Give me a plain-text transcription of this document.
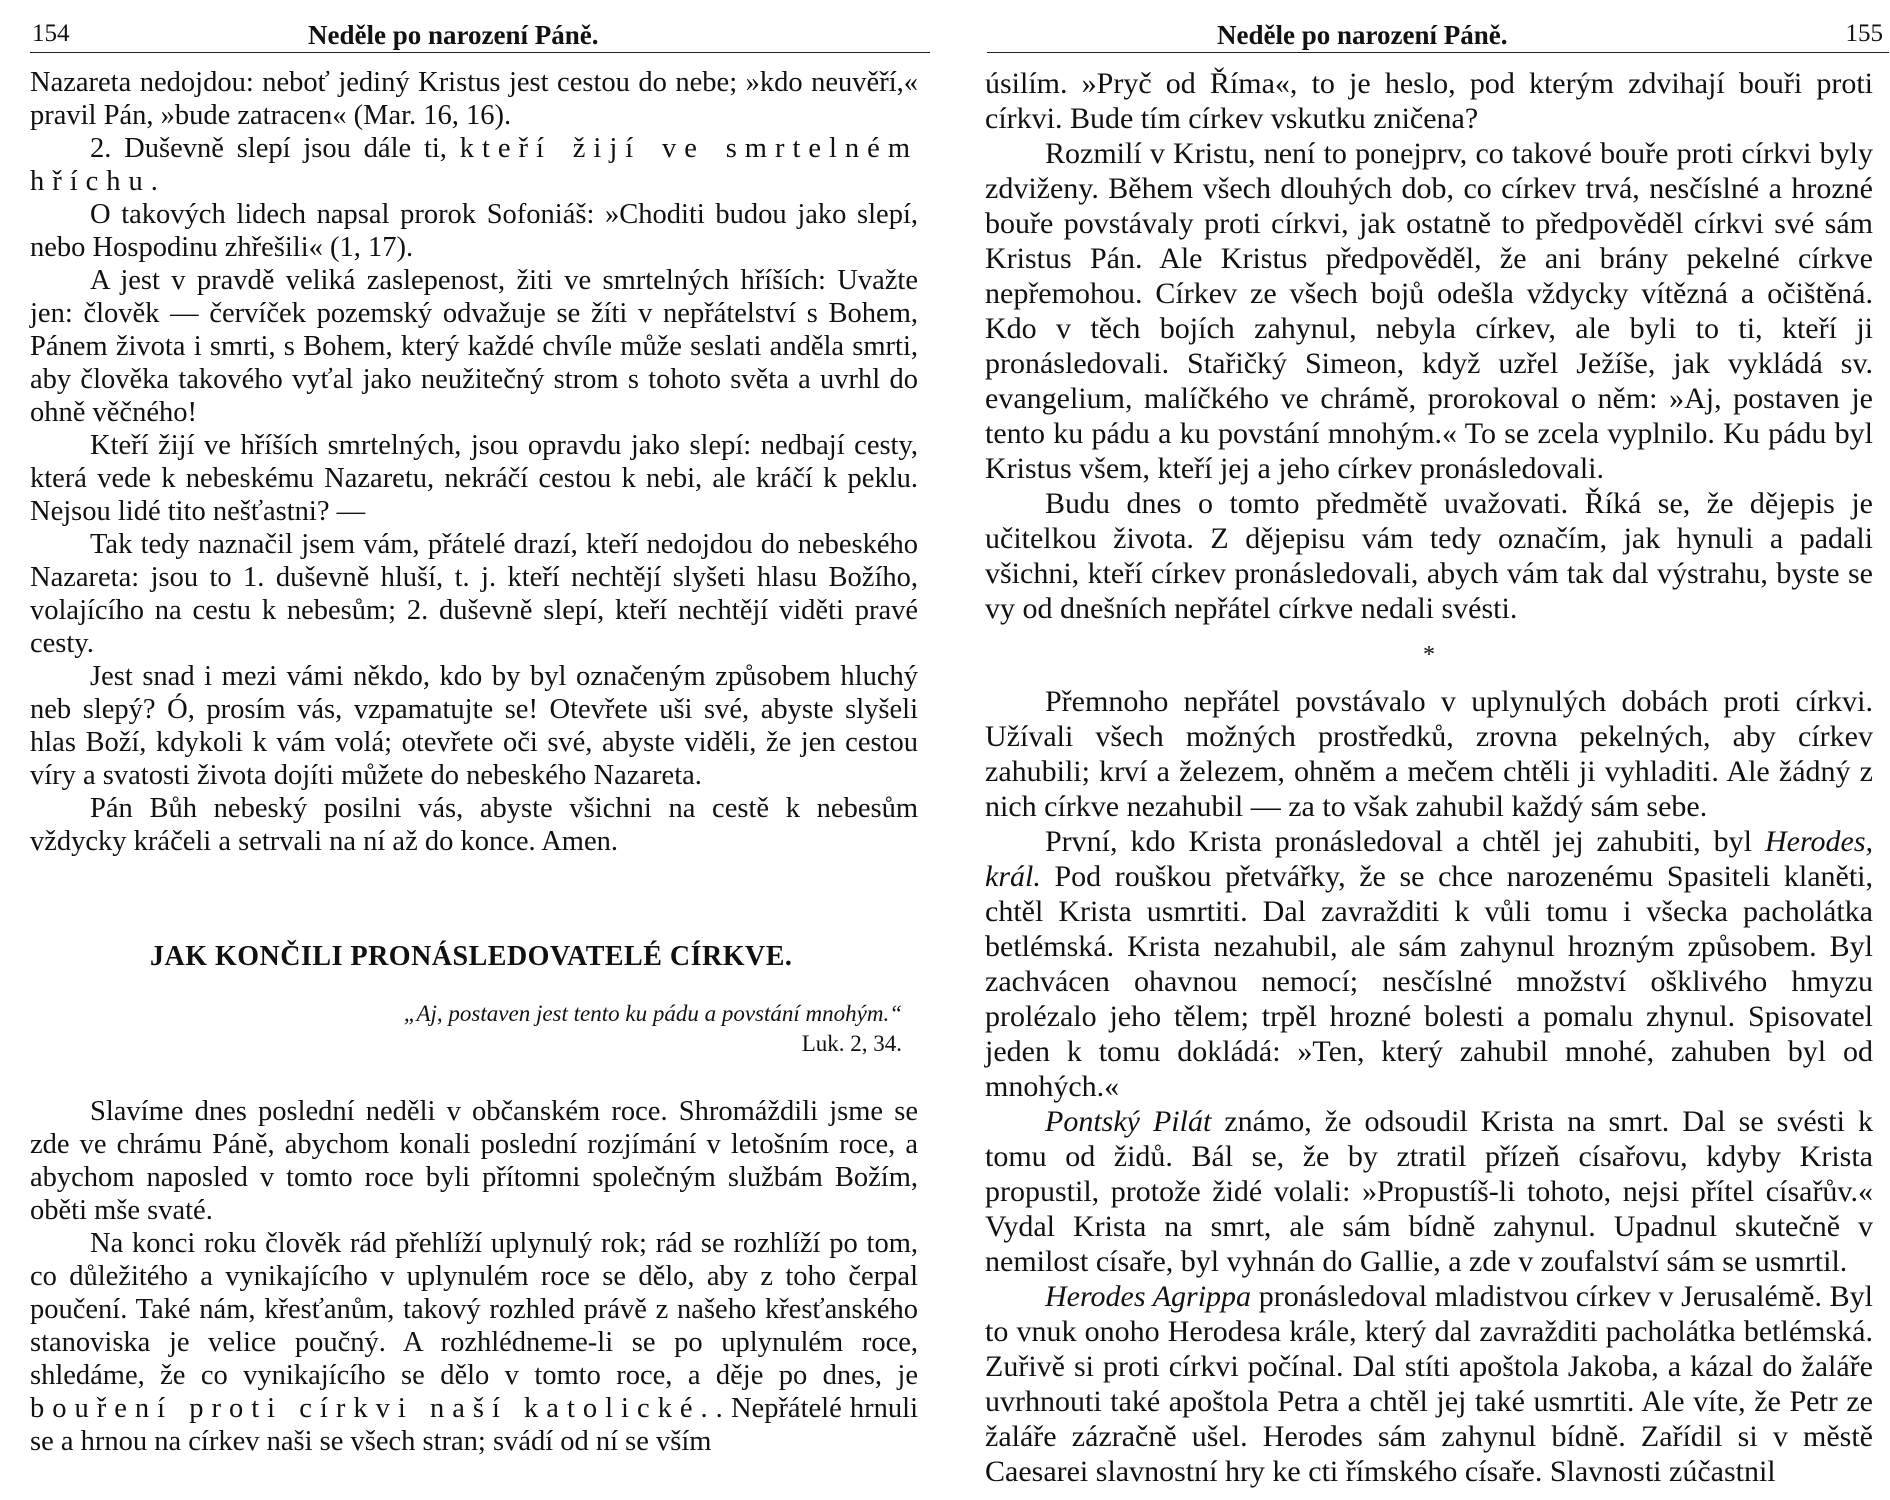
154	Neděle po narození Páně.

Nazareta nedojdou: neboť jediný Kristus jest cestou do nebe; »kdo neuvěří,« pravil Pán, »bude zatracen« (Mar. 16, 16).

2. Duševně slepí jsou dále ti, kteří žijí ve smrtelném hříchu.

O takových lidech napsal prorok Sofoniáš: »Choditi budou jako slepí, nebo Hospodinu zhřešili« (1, 17).

A jest v pravdě veliká zaslepenost, žiti ve smrtelných hříších: Uvažte jen: člověk — červíček pozemský odvažuje se žíti v nepřátelství s Bohem, Pánem života i smrti, s Bohem, který každé chvíle může seslati anděla smrti, aby člověka takového vyťal jako neužitečný strom s tohoto světa a uvrhl do ohně věčného!

Kteří žijí ve hříších smrtelných, jsou opravdu jako slepí: nedbají cesty, která vede k nebeskému Nazaretu, nekráčí cestou k nebi, ale kráčí k peklu. Nejsou lidé tito nešťastni? —

Tak tedy naznačil jsem vám, přátelé drazí, kteří nedojdou do nebeského Nazareta: jsou to 1. duševně hluší, t. j. kteří nechtějí slyšeti hlasu Božího, volajícího na cestu k nebesům; 2. duševně slepí, kteří nechtějí viděti pravé cesty.

Jest snad i mezi vámi někdo, kdo by byl označeným způsobem hluchý neb slepý? Ó, prosím vás, vzpamatujte se! Otevřete uši své, abyste slyšeli hlas Boží, kdykoli k vám volá; otevřete oči své, abyste viděli, že jen cestou víry a svatosti života dojíti můžete do nebeského Nazareta.

Pán Bůh nebeský posilni vás, abyste všichni na cestě k nebesům vždycky kráčeli a setrvali na ní až do konce. Amen.

JAK KONČILI PRONÁSLEDOVATELÉ CÍRKVE.
„Aj, postaven jest tento ku pádu a povstání mnohým.“
Luk. 2, 34.

Slavíme dnes poslední neděli v občanském roce. Shromáždili jsme se zde ve chrámu Páně, abychom konali poslední rozjímání v letošním roce, a abychom naposled v tomto roce byli přítomni společným službám Božím, oběti mše svaté.

Na konci roku člověk rád přehlíží uplynulý rok; rád se rozhlíží po tom, co důležitého a vynikajícího v uplynulém roce se dělo, aby z toho čerpal poučení. Také nám, křesťanům, takový rozhled právě z našeho křesťanského stanoviska je velice poučný. A rozhlédneme-li se po uplynulém roce, shledáme, že co vynikajícího se dělo v tomto roce, a děje po dnes, je bouření proti církvi naší katolické.. Nepřátelé hrnuli se a hrnou na církev naši se všech stran; svádí od ní se vším

Neděle po narození Páně.	155

úsilím. »Pryč od Říma«, to je heslo, pod kterým zdvihají bouři proti církvi. Bude tím církev vskutku zničena?

Rozmilí v Kristu, není to ponejprv, co takové bouře proti církvi byly zdviženy. Během všech dlouhých dob, co církev trvá, nesčíslné a hrozné bouře povstávaly proti církvi, jak ostatně to předpověděl církvi své sám Kristus Pán. Ale Kristus předpověděl, že ani brány pekelné církve nepřemohou. Církev ze všech bojů odešla vždycky vítězná a očištěná. Kdo v těch bojích zahynul, nebyla církev, ale byli to ti, kteří ji pronásledovali. Stařičký Simeon, když uzřel Ježíše, jak vykládá sv. evangelium, malíčkého ve chrámě, prorokoval o něm: »Aj, postaven je tento ku pádu a ku povstání mnohým.« To se zcela vyplnilo. Ku pádu byl Kristus všem, kteří jej a jeho církev pronásledovali.

Budu dnes o tomto předmětě uvažovati. Říká se, že dějepis je učitelkou života. Z dějepisu vám tedy označím, jak hynuli a padali všichni, kteří církev pronásledovali, abych vám tak dal výstrahu, byste se vy od dnešních nepřátel církve nedali svésti.

*

Přemnoho nepřátel povstávalo v uplynulých dobách proti církvi. Užívali všech možných prostředků, zrovna pekelných, aby církev zahubili; krví a železem, ohněm a mečem chtěli ji vyhladiti. Ale žádný z nich církve nezahubil — za to však zahubil každý sám sebe.

První, kdo Krista pronásledoval a chtěl jej zahubiti, byl Herodes, král. Pod rouškou přetvářky, že se chce narozenému Spasiteli klaněti, chtěl Krista usmrtiti. Dal zavražditi k vůli tomu i všecka pacholátka betlémská. Krista nezahubil, ale sám zahynul hrozným způsobem. Byl zachvácen ohavnou nemocí; nesčíslné množství ošklivého hmyzu prolézalo jeho tělem; trpěl hrozné bolesti a pomalu zhynul. Spisovatel jeden k tomu dokládá: »Ten, který zahubil mnohé, zahuben byl od mnohých.«

Pontský Pilát známo, že odsoudil Krista na smrt. Dal se svésti k tomu od židů. Bál se, že by ztratil přízeň císařovu, kdyby Krista propustil, protože židé volali: »Propustíš-li tohoto, nejsi přítel císařův.« Vydal Krista na smrt, ale sám bídně zahynul. Upadnul skutečně v nemilost císaře, byl vyhnán do Gallie, a zde v zoufalství sám se usmrtil.

Herodes Agrippa pronásledoval mladistvou církev v Jerusalémě. Byl to vnuk onoho Herodesa krále, který dal zavražditi pacholátka betlémská. Zuřivě si proti církvi počínal. Dal stíti apoštola Jakoba, a kázal do žaláře uvrhnouti také apoštola Petra a chtěl jej také usmrtiti. Ale víte, že Petr ze žaláře zázračně ušel. Herodes sám zahynul bídně. Zařídil si v městě Caesarei slavnostní hry ke cti římského císaře. Slavnosti zúčastnil
